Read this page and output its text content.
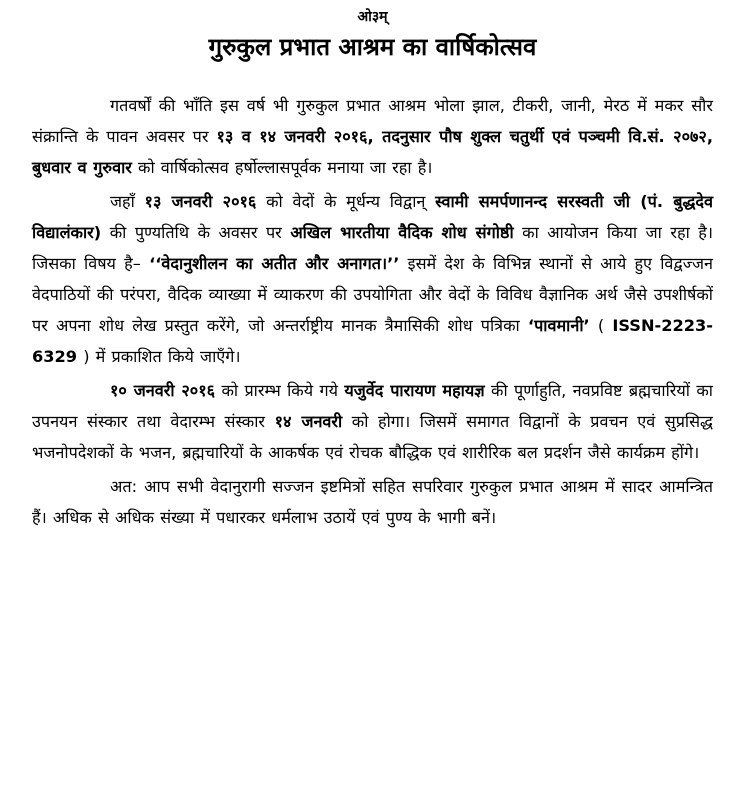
ओ३म्

गुरुकुल प्रभात आश्रम का वार्षिकोत्सव

गतवर्षों की भाँति इस वर्ष भी गुरुकुल प्रभात आश्रम भोला झाल, टीकरी, जानी, मेरठ में मकर सौर संक्रान्ति के पावन अवसर पर १३ व १४ जनवरी २०१६, तदनुसार पौष शुक्ल चतुर्थी एवं पञ्चमी वि.सं. २०७२, बुधवार व गुरुवार को वार्षिकोत्सव हर्षोल्लासपूर्वक मनाया जा रहा है।

जहाँ १३ जनवरी २०१६ को वेदों के मूर्धन्य विद्वान् स्वामी समर्पणानन्द सरस्वती जी (पं. बुद्धदेव विद्यालंकार) की पुण्यतिथि के अवसर पर अखिल भारतीया वैदिक शोध संगोष्ठी का आयोजन किया जा रहा है। जिसका विषय है– ‘‘वेदानुशीलन का अतीत और अनागत।’’ इसमें देश के विभिन्न स्थानों से आये हुए विद्वज्जन वेदपाठियों की परंपरा, वैदिक व्याख्या में व्याकरण की उपयोगिता और वेदों के विविध वैज्ञानिक अर्थ जैसे उपशीर्षकों पर अपना शोध लेख प्रस्तुत करेंगे, जो अन्तर्राष्ट्रीय मानक त्रैमासिकी शोध पत्रिका ‘पावमानी’ ( ISSN-2223-6329 ) में प्रकाशित किये जाएँगे।

१० जनवरी २०१६ को प्रारम्भ किये गये यजुर्वेद पारायण महायज्ञ की पूर्णाहुति, नवप्रविष्ट ब्रह्मचारियों का उपनयन संस्कार तथा वेदारम्भ संस्कार १४ जनवरी को होगा। जिसमें समागत विद्वानों के प्रवचन एवं सुप्रसिद्ध भजनोपदेशकों के भजन, ब्रह्मचारियों के आकर्षक एवं रोचक बौद्धिक एवं शारीरिक बल प्रदर्शन जैसे कार्यक्रम होंगे।

अत: आप सभी वेदानुरागी सज्जन इष्टमित्रों सहित सपरिवार गुरुकुल प्रभात आश्रम में सादर आमन्त्रित हैं। अधिक से अधिक संख्या में पधारकर धर्मलाभ उठायें एवं पुण्य के भागी बनें।
